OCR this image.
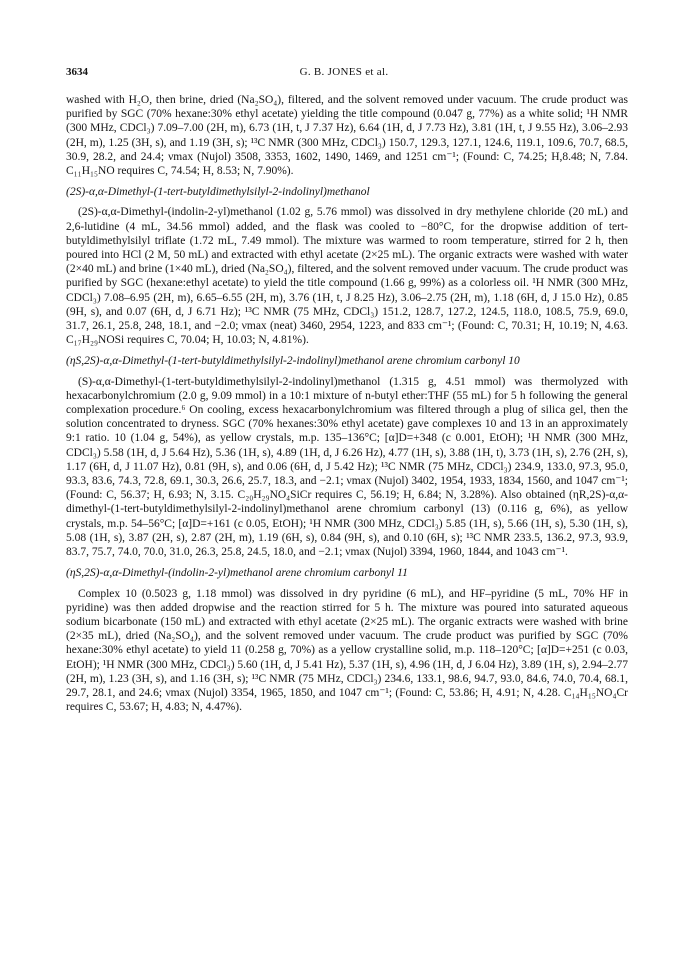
3634	G. B. JONES et al.

washed with H₂O, then brine, dried (Na₂SO₄), filtered, and the solvent removed under vacuum. The crude product was purified by SGC (70% hexane:30% ethyl acetate) yielding the title compound (0.047 g, 77%) as a white solid; ¹H NMR (300 MHz, CDCl₃) 7.09–7.00 (2H, m), 6.73 (1H, t, J 7.37 Hz), 6.64 (1H, d, J 7.73 Hz), 3.81 (1H, t, J 9.55 Hz), 3.06–2.93 (2H, m), 1.25 (3H, s), and 1.19 (3H, s); ¹³C NMR (300 MHz, CDCl₃) 150.7, 129.3, 127.1, 124.6, 119.1, 109.6, 70.7, 68.5, 30.9, 28.2, and 24.4; νmax (Nujol) 3508, 3353, 1602, 1490, 1469, and 1251 cm⁻¹; (Found: C, 74.25; H,8.48; N, 7.84. C₁₁H₁₅NO requires C, 74.54; H, 8.53; N, 7.90%).

(2S)-α,α-Dimethyl-(1-tert-butyldimethylsilyl-2-indolinyl)methanol

(2S)-α,α-Dimethyl-(indolin-2-yl)methanol (1.02 g, 5.76 mmol) was dissolved in dry methylene chloride (20 mL) and 2,6-lutidine (4 mL, 34.56 mmol) added, and the flask was cooled to −80°C, for the dropwise addition of tert-butyldimethylsilyl triflate (1.72 mL, 7.49 mmol). The mixture was warmed to room temperature, stirred for 2 h, then poured into HCl (2 M, 50 mL) and extracted with ethyl acetate (2×25 mL). The organic extracts were washed with water (2×40 mL) and brine (1×40 mL), dried (Na₂SO₄), filtered, and the solvent removed under vacuum. The crude product was purified by SGC (hexane:ethyl acetate) to yield the title compound (1.66 g, 99%) as a colorless oil. ¹H NMR (300 MHz, CDCl₃) 7.08–6.95 (2H, m), 6.65–6.55 (2H, m), 3.76 (1H, t, J 8.25 Hz), 3.06–2.75 (2H, m), 1.18 (6H, d, J 15.0 Hz), 0.85 (9H, s), and 0.07 (6H, d, J 6.71 Hz); ¹³C NMR (75 MHz, CDCl₃) 151.2, 128.7, 127.2, 124.5, 118.0, 108.5, 75.9, 69.0, 31.7, 26.1, 25.8, 248, 18.1, and −2.0; νmax (neat) 3460, 2954, 1223, and 833 cm⁻¹; (Found: C, 70.31; H, 10.19; N, 4.63. C₁₇H₂₉NOSi requires C, 70.04; H, 10.03; N, 4.81%).

(ηS,2S)-α,α-Dimethyl-(1-tert-butyldimethylsilyl-2-indolinyl)methanol arene chromium carbonyl 10

(S)-α,α-Dimethyl-(1-tert-butyldimethylsilyl-2-indolinyl)methanol (1.315 g, 4.51 mmol) was thermolyzed with hexacarbonylchromium (2.0 g, 9.09 mmol) in a 10:1 mixture of n-butyl ether:THF (55 mL) for 5 h following the general complexation procedure.⁶ On cooling, excess hexacarbonylchromium was filtered through a plug of silica gel, then the solution concentrated to dryness. SGC (70% hexanes:30% ethyl acetate) gave complexes 10 and 13 in an approximately 9:1 ratio. 10 (1.04 g, 54%), as yellow crystals, m.p. 135–136°C; [α]D=+348 (c 0.001, EtOH); ¹H NMR (300 MHz, CDCl₃) 5.58 (1H, d, J 5.64 Hz), 5.36 (1H, s), 4.89 (1H, d, J 6.26 Hz), 4.77 (1H, s), 3.88 (1H, t), 3.73 (1H, s), 2.76 (2H, s), 1.17 (6H, d, J 11.07 Hz), 0.81 (9H, s), and 0.06 (6H, d, J 5.42 Hz); ¹³C NMR (75 MHz, CDCl₃) 234.9, 133.0, 97.3, 95.0, 93.3, 83.6, 74.3, 72.8, 69.1, 30.3, 26.6, 25.7, 18.3, and −2.1; νmax (Nujol) 3402, 1954, 1933, 1834, 1560, and 1047 cm⁻¹; (Found: C, 56.37; H, 6.93; N, 3.15. C₂₀H₂₉NO₄SiCr requires C, 56.19; H, 6.84; N, 3.28%). Also obtained (ηR,2S)-α,α-dimethyl-(1-tert-butyldimethylsilyl-2-indolinyl)methanol arene chromium carbonyl (13) (0.116 g, 6%), as yellow crystals, m.p. 54–56°C; [α]D=+161 (c 0.05, EtOH); ¹H NMR (300 MHz, CDCl₃) 5.85 (1H, s), 5.66 (1H, s), 5.30 (1H, s), 5.08 (1H, s), 3.87 (2H, s), 2.87 (2H, m), 1.19 (6H, s), 0.84 (9H, s), and 0.10 (6H, s); ¹³C NMR 233.5, 136.2, 97.3, 93.9, 83.7, 75.7, 74.0, 70.0, 31.0, 26.3, 25.8, 24.5, 18.0, and −2.1; νmax (Nujol) 3394, 1960, 1844, and 1043 cm⁻¹.

(ηS,2S)-α,α-Dimethyl-(indolin-2-yl)methanol arene chromium carbonyl 11

Complex 10 (0.5023 g, 1.18 mmol) was dissolved in dry pyridine (6 mL), and HF–pyridine (5 mL, 70% HF in pyridine) was then added dropwise and the reaction stirred for 5 h. The mixture was poured into saturated aqueous sodium bicarbonate (150 mL) and extracted with ethyl acetate (2×25 mL). The organic extracts were washed with brine (2×35 mL), dried (Na₂SO₄), and the solvent removed under vacuum. The crude product was purified by SGC (70% hexane:30% ethyl acetate) to yield 11 (0.258 g, 70%) as a yellow crystalline solid, m.p. 118–120°C; [α]D=+251 (c 0.03, EtOH); ¹H NMR (300 MHz, CDCl₃) 5.60 (1H, d, J 5.41 Hz), 5.37 (1H, s), 4.96 (1H, d, J 6.04 Hz), 3.89 (1H, s), 2.94–2.77 (2H, m), 1.23 (3H, s), and 1.16 (3H, s); ¹³C NMR (75 MHz, CDCl₃) 234.6, 133.1, 98.6, 94.7, 93.0, 84.6, 74.0, 70.4, 68.1, 29.7, 28.1, and 24.6; νmax (Nujol) 3354, 1965, 1850, and 1047 cm⁻¹; (Found: C, 53.86; H, 4.91; N, 4.28. C₁₄H₁₅NO₄Cr requires C, 53.67; H, 4.83; N, 4.47%).
